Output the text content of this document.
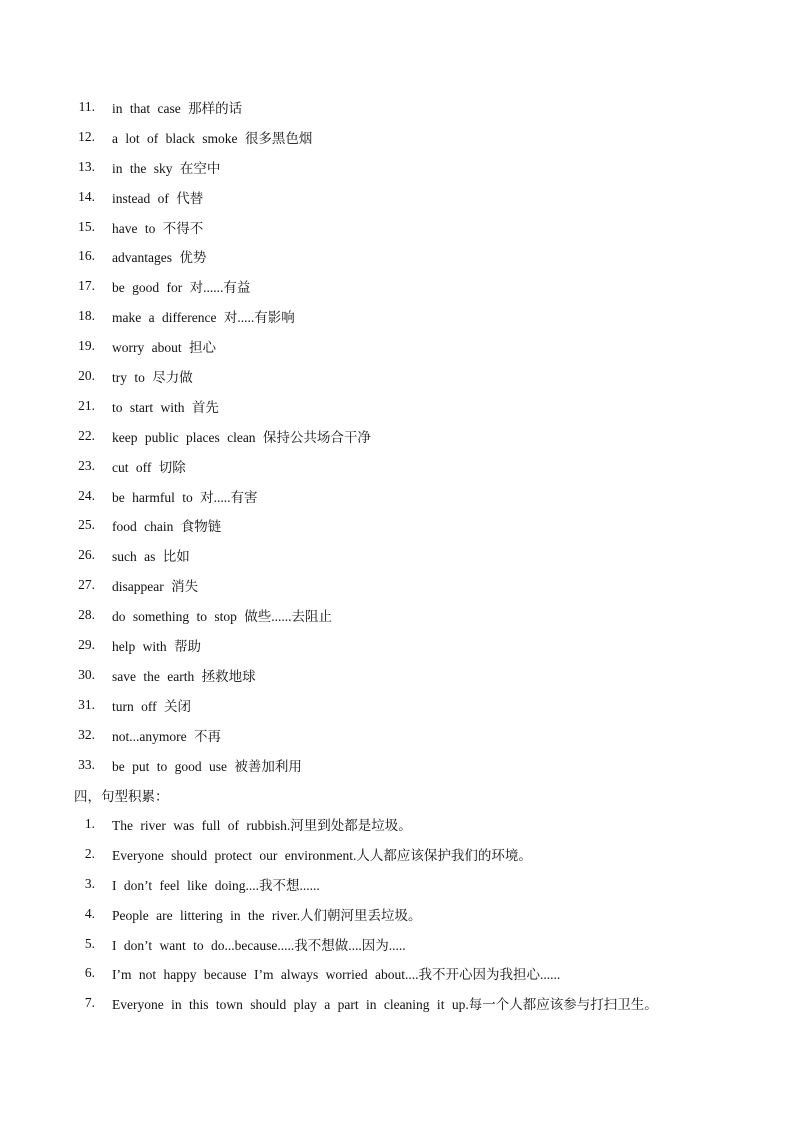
11.	in that case 那样的话
12.	a lot of black smoke 很多黑色烟
13.	in the sky 在空中
14.	instead of 代替
15.	have to 不得不
16.	advantages 优势
17.	be good for 对......有益
18.	make a difference 对.....有影响
19.	worry about 担心
20.	try to 尽力做
21.	to start with 首先
22.	keep public places clean 保持公共场合干净
23.	cut off 切除
24.	be harmful to 对.....有害
25.	food chain 食物链
26.	such as 比如
27.	disappear 消失
28.	do something to stop 做些......去阻止
29.	help with 帮助
30.	save the earth 拯救地球
31.	turn off 关闭
32.	not...anymore 不再
33.	be put to good use 被善加利用
四，句型积累：
1.	The river was full of rubbish.河里到处都是垃圾。
2.	Everyone should protect our environment.人人都应该保护我们的环境。
3.	I don’t feel like doing....我不想......
4.	People are littering in the river.人们朝河里丢垃圾。
5.	I don’t want to do...because.....我不想做....因为.....
6.	I’m not happy because I’m always worried about....我不开心因为我担心......
7.	Everyone in this town should play a part in cleaning it up.每一个人都应该参与打扫卫生。
